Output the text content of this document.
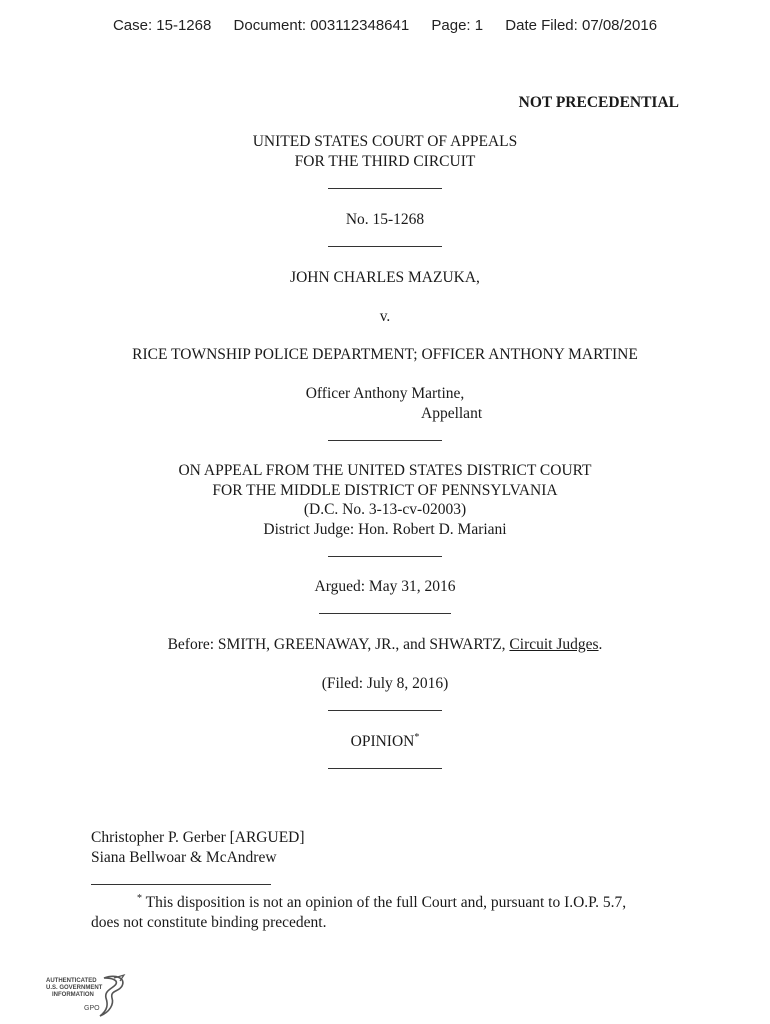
Case: 15-1268 Document: 003112348641 Page: 1 Date Filed: 07/08/2016
NOT PRECEDENTIAL
UNITED STATES COURT OF APPEALS
FOR THE THIRD CIRCUIT
No. 15-1268
JOHN CHARLES MAZUKA,
v.
RICE TOWNSHIP POLICE DEPARTMENT; OFFICER ANTHONY MARTINE
Officer Anthony Martine,
Appellant
ON APPEAL FROM THE UNITED STATES DISTRICT COURT
FOR THE MIDDLE DISTRICT OF PENNSYLVANIA
(D.C. No. 3-13-cv-02003)
District Judge: Hon. Robert D. Mariani
Argued: May 31, 2016
Before: SMITH, GREENAWAY, JR., and SHWARTZ, Circuit Judges.
(Filed: July 8, 2016)
OPINION*
Christopher P. Gerber [ARGUED]
Siana Bellwoar & McAndrew
* This disposition is not an opinion of the full Court and, pursuant to I.O.P. 5.7,
does not constitute binding precedent.
AUTHENTICATED
U.S. GOVERNMENT
INFORMATION
GPO
